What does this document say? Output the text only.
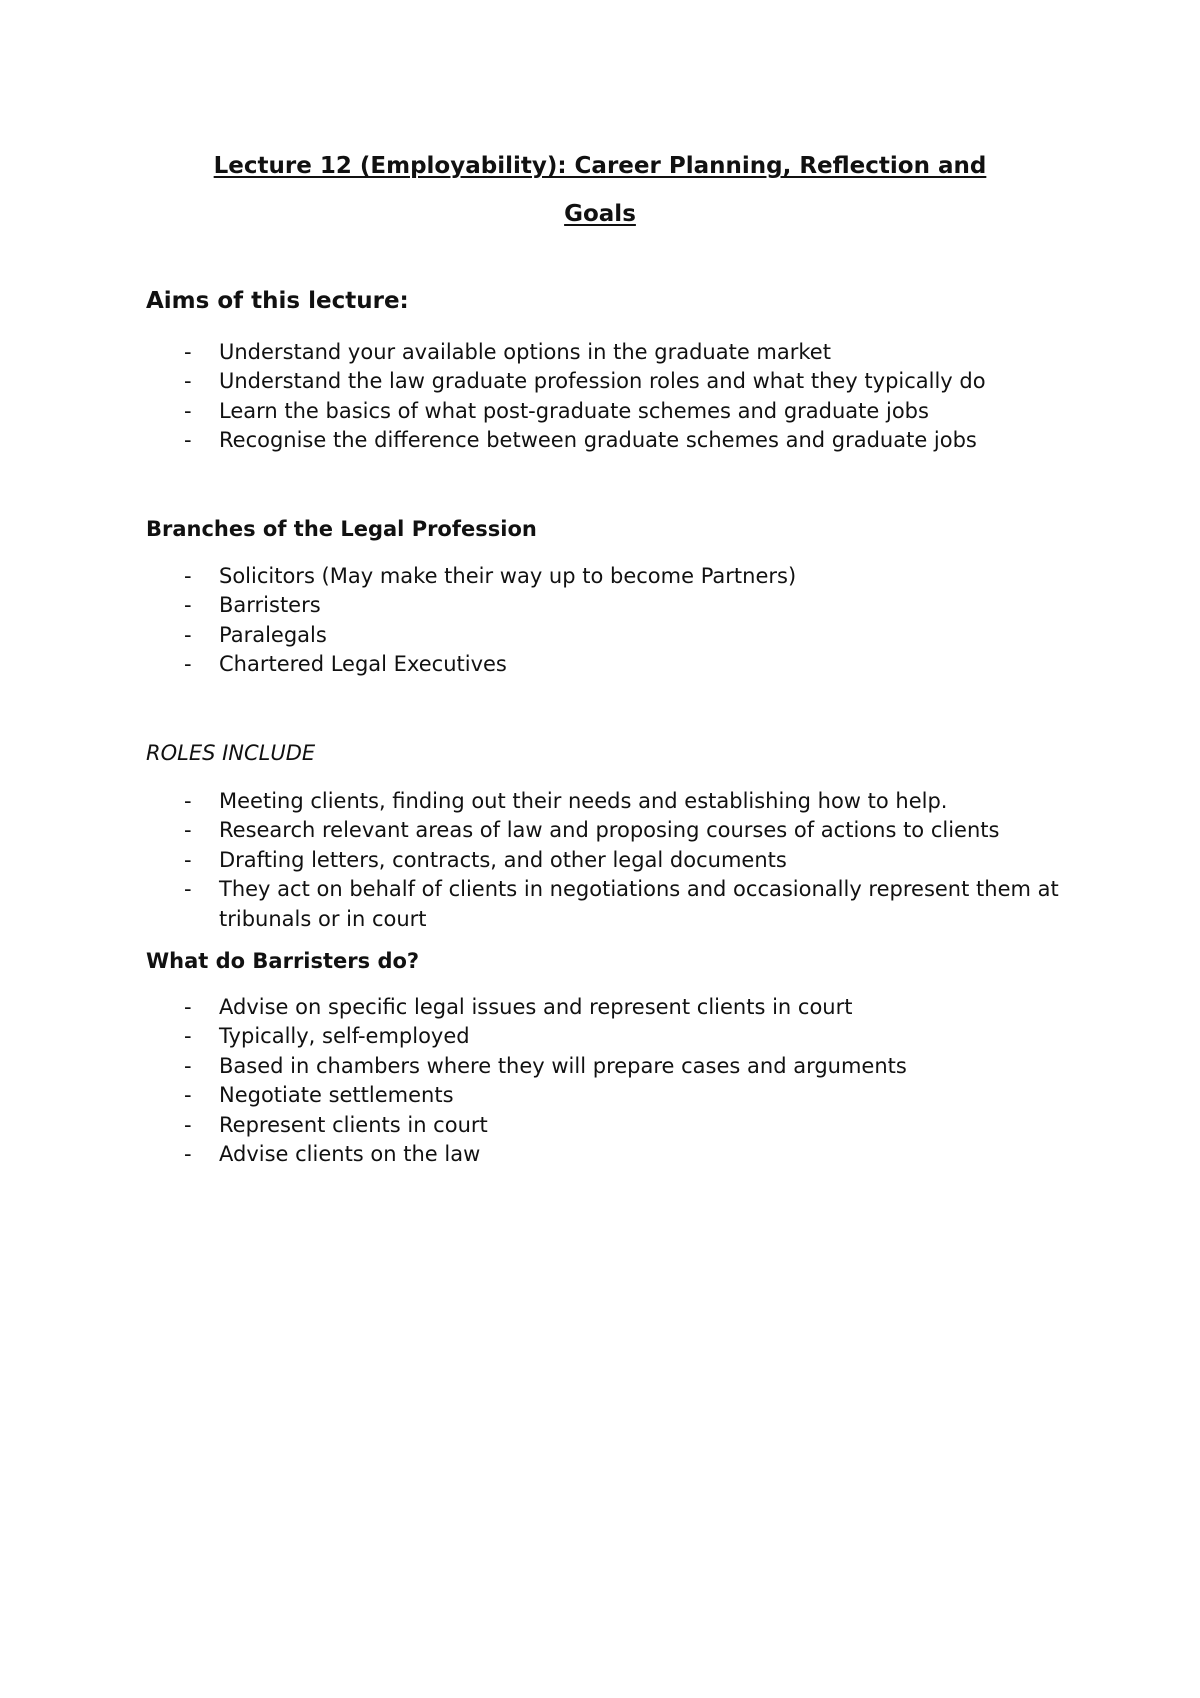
Lecture 12 (Employability): Career Planning, Reflection and
Goals
Aims of this lecture:
- Understand your available options in the graduate market
- Understand the law graduate profession roles and what they typically do
- Learn the basics of what post-graduate schemes and graduate jobs
- Recognise the difference between graduate schemes and graduate jobs
Branches of the Legal Profession
- Solicitors (May make their way up to become Partners)
- Barristers
- Paralegals
- Chartered Legal Executives
ROLES INCLUDE
- Meeting clients, finding out their needs and establishing how to help.
- Research relevant areas of law and proposing courses of actions to clients
- Drafting letters, contracts, and other legal documents
- They act on behalf of clients in negotiations and occasionally represent them at tribunals or in court
What do Barristers do?
- Advise on specific legal issues and represent clients in court
- Typically, self-employed
- Based in chambers where they will prepare cases and arguments
- Negotiate settlements
- Represent clients in court
- Advise clients on the law
